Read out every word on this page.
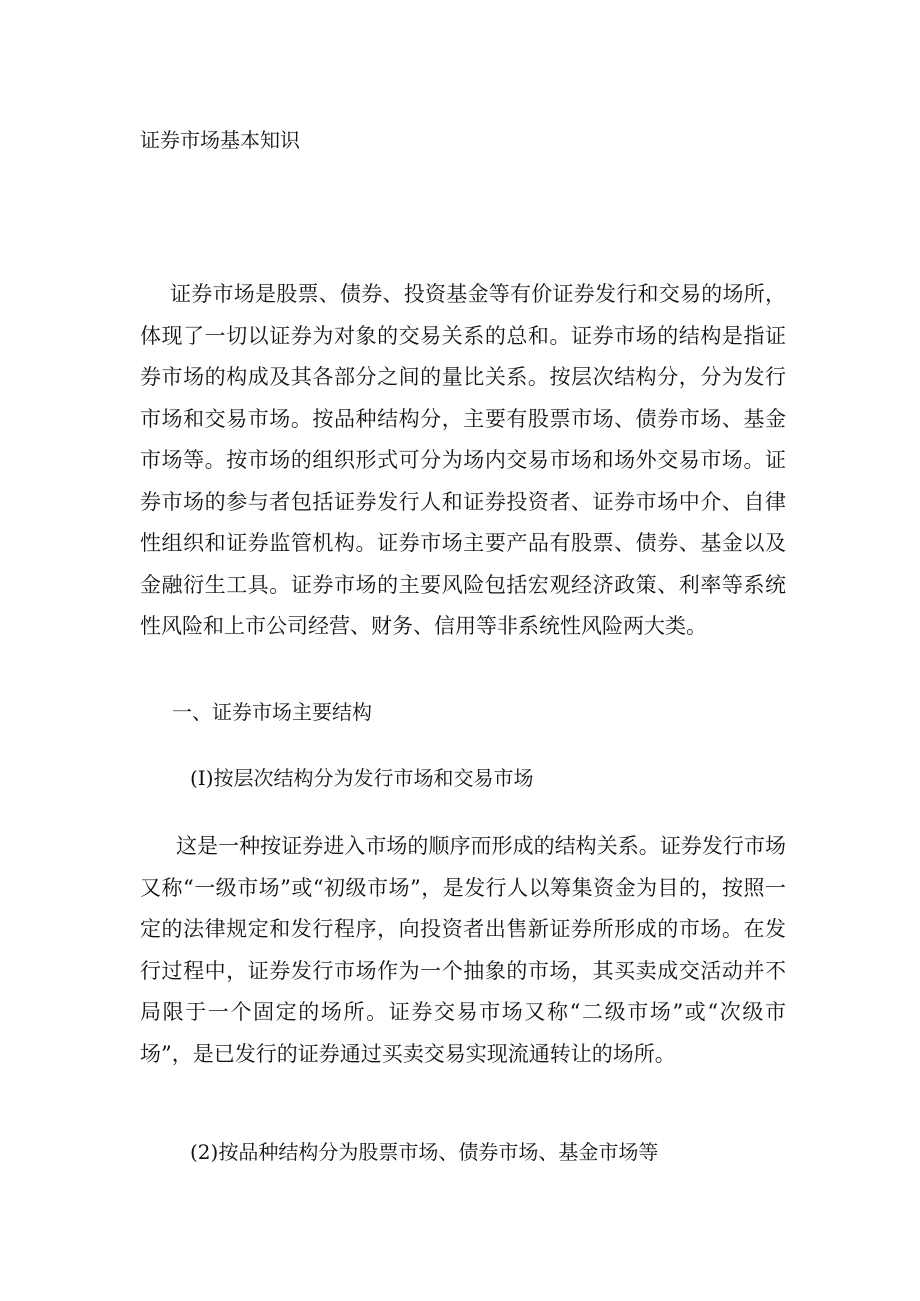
证券市场基本知识

证券市场是股票、债券、投资基金等有价证券发行和交易的场所，体现了一切以证券为对象的交易关系的总和。证券市场的结构是指证券市场的构成及其各部分之间的量比关系。按层次结构分，分为发行市场和交易市场。按品种结构分，主要有股票市场、债券市场、基金市场等。按市场的组织形式可分为场内交易市场和场外交易市场。证券市场的参与者包括证券发行人和证券投资者、证券市场中介、自律性组织和证券监管机构。证券市场主要产品有股票、债券、基金以及金融衍生工具。证券市场的主要风险包括宏观经济政策、利率等系统性风险和上市公司经营、财务、信用等非系统性风险两大类。

一、证券市场主要结构
(I)按层次结构分为发行市场和交易市场

这是一种按证券进入市场的顺序而形成的结构关系。证券发行市场又称“一级市场”或“初级市场”，是发行人以筹集资金为目的，按照一定的法律规定和发行程序，向投资者出售新证券所形成的市场。在发行过程中，证券发行市场作为一个抽象的市场，其买卖成交活动并不局限于一个固定的场所。证券交易市场又称“二级市场”或“次级市场”，是已发行的证券通过买卖交易实现流通转让的场所。

(2)按品种结构分为股票市场、债券市场、基金市场等
